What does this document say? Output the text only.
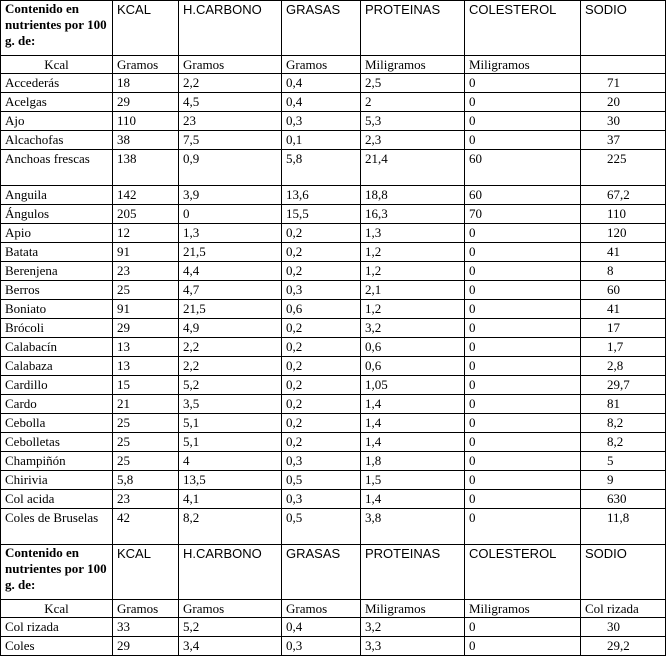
Contenido en nutrientes por 100 g. de:	KCAL	H.CARBONO	GRASAS	PROTEINAS	COLESTEROL	SODIO
Kcal	Gramos	Gramos	Gramos	Miligramos	Miligramos	
Accederás	18	2,2	0,4	2,5	0	71
Acelgas	29	4,5	0,4	2	0	20
Ajo	110	23	0,3	5,3	0	30
Alcachofas	38	7,5	0,1	2,3	0	37
Anchoas frescas	138	0,9	5,8	21,4	60	225
Anguila	142	3,9	13,6	18,8	60	67,2
Ángulos	205	0	15,5	16,3	70	110
Apio	12	1,3	0,2	1,3	0	120
Batata	91	21,5	0,2	1,2	0	41
Berenjena	23	4,4	0,2	1,2	0	8
Berros	25	4,7	0,3	2,1	0	60
Boniato	91	21,5	0,6	1,2	0	41
Brócoli	29	4,9	0,2	3,2	0	17
Calabacín	13	2,2	0,2	0,6	0	1,7
Calabaza	13	2,2	0,2	0,6	0	2,8
Cardillo	15	5,2	0,2	1,05	0	29,7
Cardo	21	3,5	0,2	1,4	0	81
Cebolla	25	5,1	0,2	1,4	0	8,2
Cebolletas	25	5,1	0,2	1,4	0	8,2
Champiñón	25	4	0,3	1,8	0	5
Chirivia	5,8	13,5	0,5	1,5	0	9
Col acida	23	4,1	0,3	1,4	0	630
Coles de Bruselas	42	8,2	0,5	3,8	0	11,8
Contenido en nutrientes por 100 g. de:	KCAL	H.CARBONO	GRASAS	PROTEINAS	COLESTEROL	SODIO
Kcal	Gramos	Gramos	Gramos	Miligramos	Miligramos	Col rizada
Col rizada	33	5,2	0,4	3,2	0	30
Coles	29	3,4	0,3	3,3	0	29,2
